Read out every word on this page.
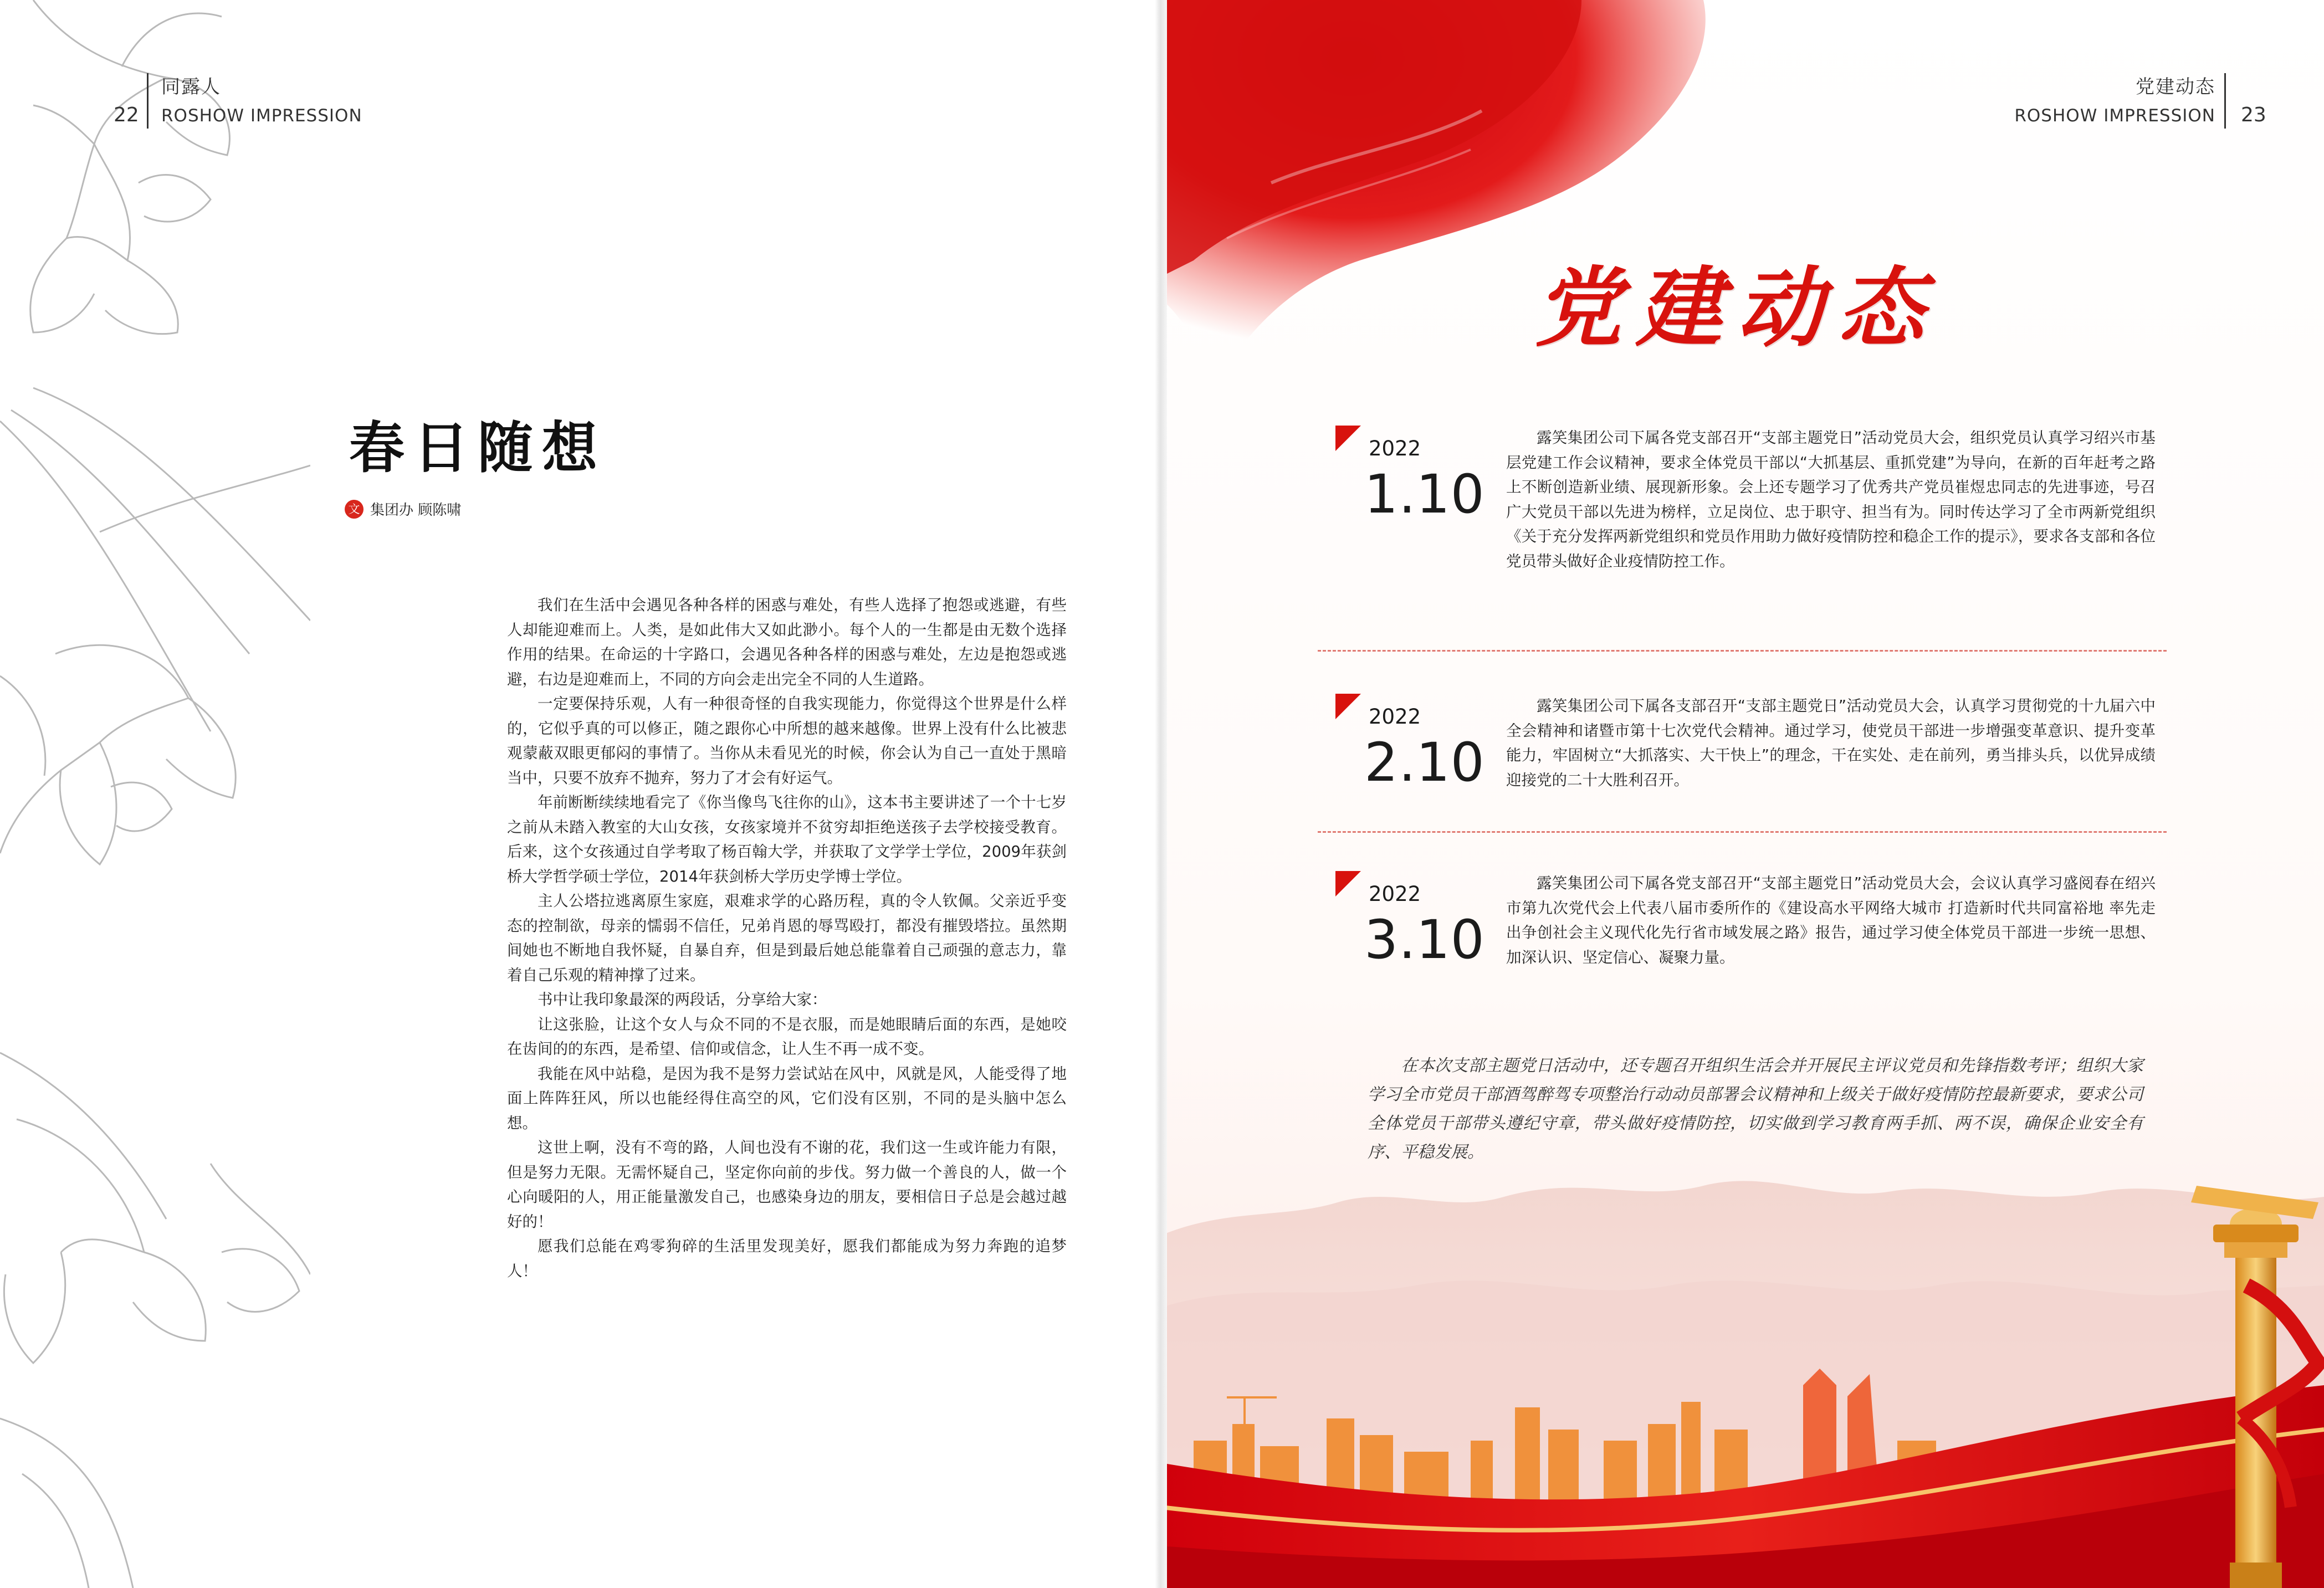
22
同露人
ROSHOW IMPRESSION
春日随想
文 集团办 顾陈啸

我们在生活中会遇见各种各样的困惑与难处，有些人选择了抱怨或逃避，有些人却能迎难而上。人类，是如此伟大又如此渺小。每个人的一生都是由无数个选择作用的结果。在命运的十字路口，会遇见各种各样的困惑与难处，左边是抱怨或逃避，右边是迎难而上，不同的方向会走出完全不同的人生道路。

一定要保持乐观，人有一种很奇怪的自我实现能力，你觉得这个世界是什么样的，它似乎真的可以修正，随之跟你心中所想的越来越像。世界上没有什么比被悲观蒙蔽双眼更郁闷的事情了。当你从未看见光的时候，你会认为自己一直处于黑暗当中，只要不放弃不抛弃，努力了才会有好运气。

年前断断续续地看完了《你当像鸟飞往你的山》，这本书主要讲述了一个十七岁之前从未踏入教室的大山女孩，女孩家境并不贫穷却拒绝送孩子去学校接受教育。后来，这个女孩通过自学考取了杨百翰大学，并获取了文学学士学位，2009年获剑桥大学哲学硕士学位，2014年获剑桥大学历史学博士学位。

主人公塔拉逃离原生家庭，艰难求学的心路历程，真的令人钦佩。父亲近乎变态的控制欲，母亲的懦弱不信任，兄弟肖恩的辱骂殴打，都没有摧毁塔拉。虽然期间她也不断地自我怀疑，自暴自弃，但是到最后她总能靠着自己顽强的意志力，靠着自己乐观的精神撑了过来。

书中让我印象最深的两段话，分享给大家：

让这张脸，让这个女人与众不同的不是衣服，而是她眼睛后面的东西，是她咬在齿间的的东西，是希望、信仰或信念，让人生不再一成不变。

我能在风中站稳，是因为我不是努力尝试站在风中，风就是风，人能受得了地面上阵阵狂风，所以也能经得住高空的风，它们没有区别，不同的是头脑中怎么想。

这世上啊，没有不弯的路，人间也没有不谢的花，我们这一生或许能力有限，但是努力无限。无需怀疑自己，坚定你向前的步伐。努力做一个善良的人，做一个心向暖阳的人，用正能量激发自己，也感染身边的朋友，要相信日子总是会越过越好的！

愿我们总能在鸡零狗碎的生活里发现美好，愿我们都能成为努力奔跑的追梦人！

党建动态
ROSHOW IMPRESSION 23
党建动态
2022
1.10

露笑集团公司下属各党支部召开“支部主题党日”活动党员大会，组织党员认真学习绍兴市基层党建工作会议精神，要求全体党员干部以“大抓基层、重抓党建”为导向，在新的百年赶考之路上不断创造新业绩、展现新形象。会上还专题学习了优秀共产党员崔煜忠同志的先进事迹，号召广大党员干部以先进为榜样，立足岗位、忠于职守、担当有为。同时传达学习了全市两新党组织《关于充分发挥两新党组织和党员作用助力做好疫情防控和稳企工作的提示》，要求各支部和各位党员带头做好企业疫情防控工作。

2022
2.10

露笑集团公司下属各支部召开“支部主题党日”活动党员大会，认真学习贯彻党的十九届六中全会精神和诸暨市第十七次党代会精神。通过学习，使党员干部进一步增强变革意识、提升变革能力，牢固树立“大抓落实、大干快上”的理念，干在实处、走在前列，勇当排头兵，以优异成绩迎接党的二十大胜利召开。

2022
3.10

露笑集团公司下属各党支部召开“支部主题党日”活动党员大会，会议认真学习盛阅春在绍兴市第九次党代会上代表八届市委所作的《建设高水平网络大城市 打造新时代共同富裕地 率先走出争创社会主义现代化先行省市域发展之路》报告，通过学习使全体党员干部进一步统一思想、加深认识、坚定信心、凝聚力量。

在本次支部主题党日活动中，还专题召开组织生活会并开展民主评议党员和先锋指数考评；组织大家学习全市党员干部酒驾醉驾专项整治行动动员部署会议精神和上级关于做好疫情防控最新要求，要求公司全体党员干部带头遵纪守章，带头做好疫情防控，切实做到学习教育两手抓、两不误，确保企业安全有序、平稳发展。
